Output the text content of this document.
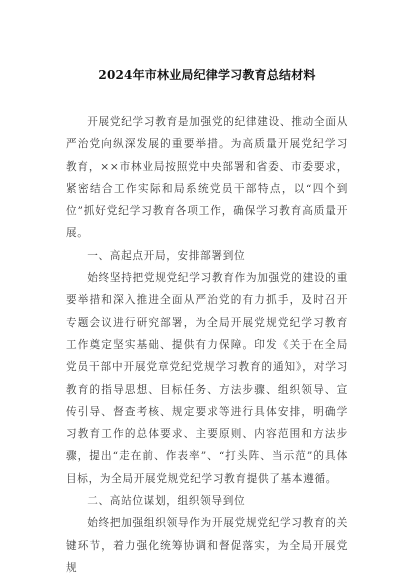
2024年市林业局纪律学习教育总结材料

开展党纪学习教育是加强党的纪律建设、推动全面从严治党向纵深发展的重要举措。为高质量开展党纪学习教育，××市林业局按照党中央部署和省委、市委要求，紧密结合工作实际和局系统党员干部特点，以“四个到位”抓好党纪学习教育各项工作，确保学习教育高质量开展。

一、高起点开局，安排部署到位

始终坚持把党规党纪学习教育作为加强党的建设的重要举措和深入推进全面从严治党的有力抓手，及时召开专题会议进行研究部署，为全局开展党规党纪学习教育工作奠定坚实基础、提供有力保障。印发《关于在全局党员干部中开展党章党纪党规学习教育的通知》，对学习教育的指导思想、目标任务、方法步骤、组织领导、宣传引导、督查考核、规定要求等进行具体安排，明确学习教育工作的总体要求、主要原则、内容范围和方法步骤，提出“走在前、作表率”、“打头阵、当示范”的具体目标，为全局开展党规党纪学习教育提供了基本遵循。

二、高站位谋划，组织领导到位

始终把加强组织领导作为开展党规党纪学习教育的关键环节，着力强化统筹协调和督促落实，为全局开展党规
